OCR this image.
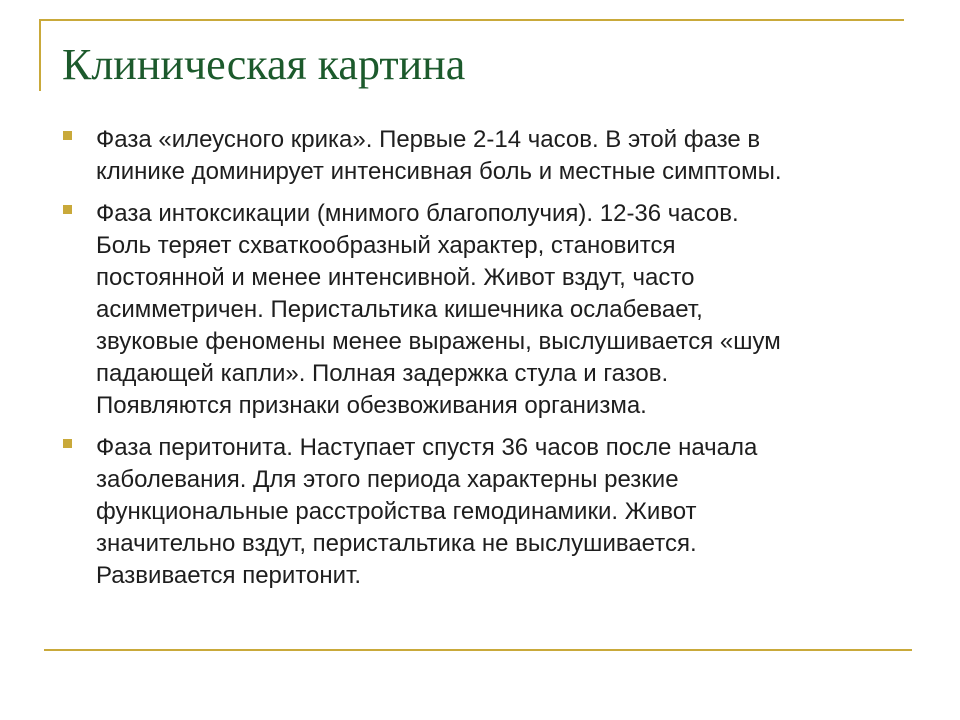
Клиническая картина
Фаза «илеусного крика». Первые 2-14 часов. В этой фазе в
клинике доминирует интенсивная боль и местные симптомы.
Фаза интоксикации (мнимого благополучия). 12-36 часов.
Боль теряет схваткообразный характер, становится
постоянной и менее интенсивной. Живот вздут, часто
асимметричен. Перистальтика кишечника ослабевает,
звуковые феномены менее выражены, выслушивается «шум
падающей капли». Полная задержка стула и газов.
Появляются признаки обезвоживания организма.
Фаза перитонита. Наступает спустя 36 часов после начала
заболевания. Для этого периода характерны резкие
функциональные расстройства гемодинамики. Живот
значительно вздут, перистальтика не выслушивается.
Развивается перитонит.
